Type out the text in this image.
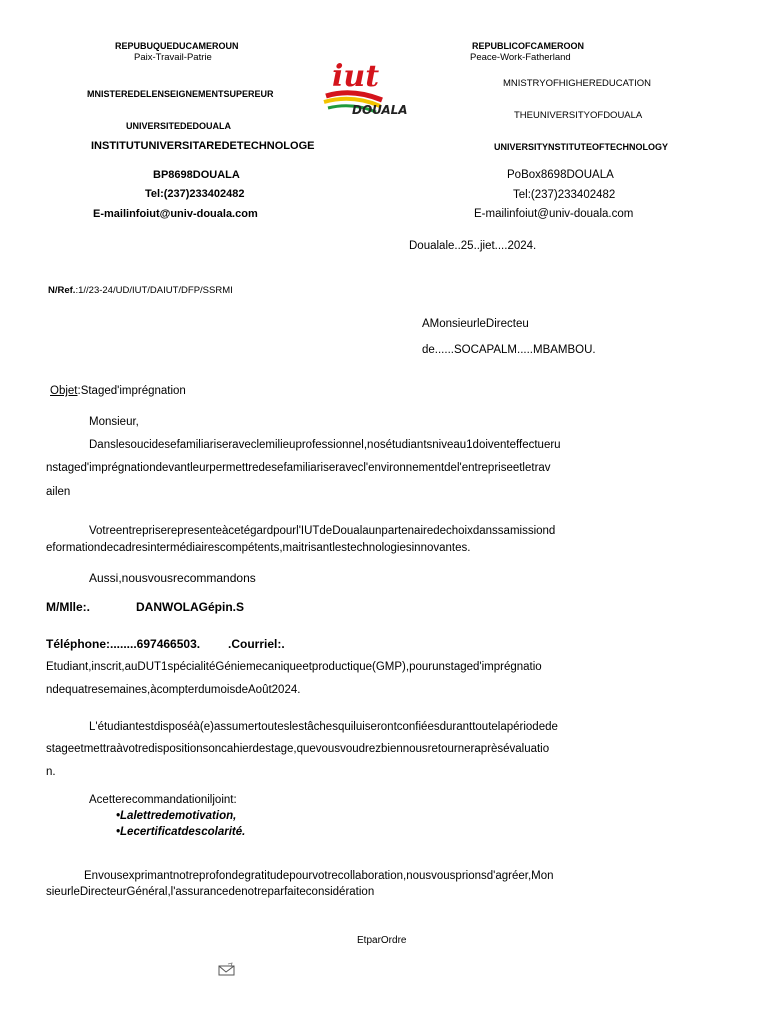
REPUBUQUEDUCAMEROUN
Paix-Travail-Patrie
MNISTEREDELENSEIGNEMENTSUPEREUR
UNIVERSITEDEDOUALA
INSTITUTUNIVERSITAREDETECHNOLOGE
BP8698DOUALA
Tel:(237)233402482
E-mailinfoiut@univ-douala.com
iut
DOUALA
REPUBLICOFCAMEROON
Peace-Work-Fatherland
MNISTRYOFHIGHEREDUCATION
THEUNIVERSITYOFDOUALA
UNIVERSITYNSTITUTEOFTECHNOLOGY
PoBox8698DOUALA
Tel:(237)233402482
E-mailinfoiut@univ-douala.com
Doualale..25..jiet....2024.
N/Ref.:1//23-24/UD/IUT/DAIUT/DFP/SSRMI
AMonsieurleDirecteu
de......SOCAPALM.....MBAMBOU.
Objet:Staged'imprégnation
Monsieur,
Danslesoucidesefamiliariseraveclemilieuprofessionnel,nosétudiantsniveau1doiventeffectueru
nstaged'imprégnationdevantleurpermettredesefamiliariseravecl'environnementdel'entrepriseetletrav
ailen
Votreentrepriserepresenteàcetégardpourl'IUTdeDoualaunpartenairedechoixdanssamissiond
eformationdecadresintermédiairescompétents,maitrisantlestechnologiesinnovantes.
Aussi,nousvousrecommandons
M/Mlle:.	DANWOLAGépin.S
Téléphone:........697466503. .Courriel:.
Etudiant,inscrit,auDUT1spécialitéGéniemecaniqueetproductique(GMP),pourunstaged'imprégnatio
ndequatresemaines,àcompterdumoisdeAoût2024.
L'étudiantestdisposéà(e)assumertouteslestâchesquiluiserontconfiéesduranttoutelapériodede
stageetmettraàvotredispositionsoncahierdestage,quevousvoudrezbiennousretourneraprèsévaluatio
n.
Acetterecommandationiljoint:
•Lalettredemotivation,
•Lecertificatdescolarité.
Envousexprimantnotreprofondegratitudepourvotrecollaboration,nousvousprionsd'agréer,Mon
sieurleDirecteurGénéral,l'assurancedenotreparfaiteconsidération
EtparOrdre
